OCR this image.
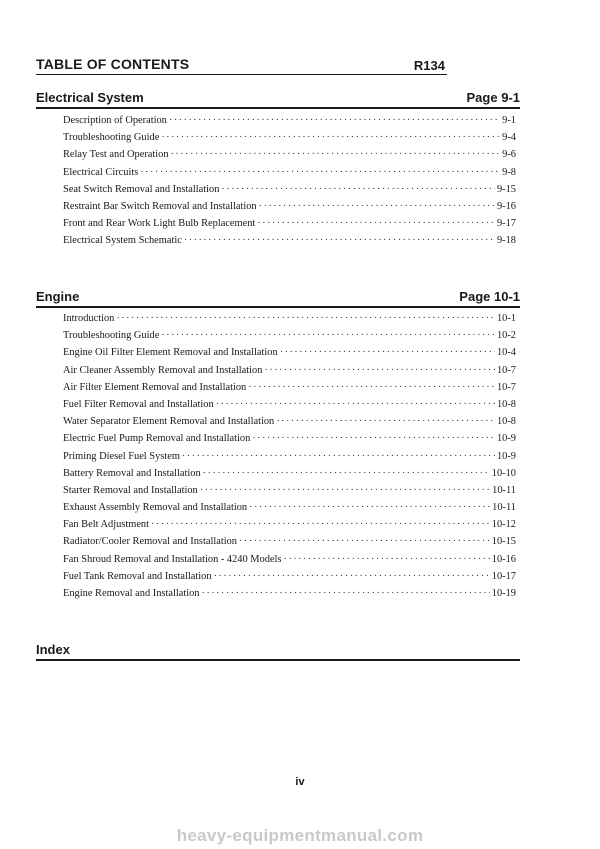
TABLE OF CONTENTS	R134
Electrical System	Page 9-1
Description of Operation · · ·	9-1
Troubleshooting Guide · · ·	9-4
Relay Test and Operation · · ·	9-6
Electrical Circuits · · ·	9-8
Seat Switch Removal and Installation · · ·	9-15
Restraint Bar Switch Removal and Installation · · ·	9-16
Front and Rear Work Light Bulb Replacement · · ·	9-17
Electrical System Schematic · · ·	9-18
Engine	Page 10-1
Introduction · · ·	10-1
Troubleshooting Guide · · ·	10-2
Engine Oil Filter Element Removal and Installation · · ·	10-4
Air Cleaner Assembly Removal and Installation · · ·	10-7
Air Filter Element Removal and Installation · · ·	10-7
Fuel Filter Removal and Installation · · ·	10-8
Water Separator Element Removal and Installation · · ·	10-8
Electric Fuel Pump Removal and Installation · · ·	10-9
Priming Diesel Fuel System · · ·	10-9
Battery Removal and Installation · · ·	10-10
Starter Removal and Installation · · ·	10-11
Exhaust Assembly Removal and Installation · · ·	10-11
Fan Belt Adjustment · · ·	10-12
Radiator/Cooler Removal and Installation · · ·	10-15
Fan Shroud Removal and Installation - 4240 Models · · ·	10-16
Fuel Tank Removal and Installation · · ·	10-17
Engine Removal and Installation · · ·	10-19
Index
iv
heavy-equipmentmanual.com
